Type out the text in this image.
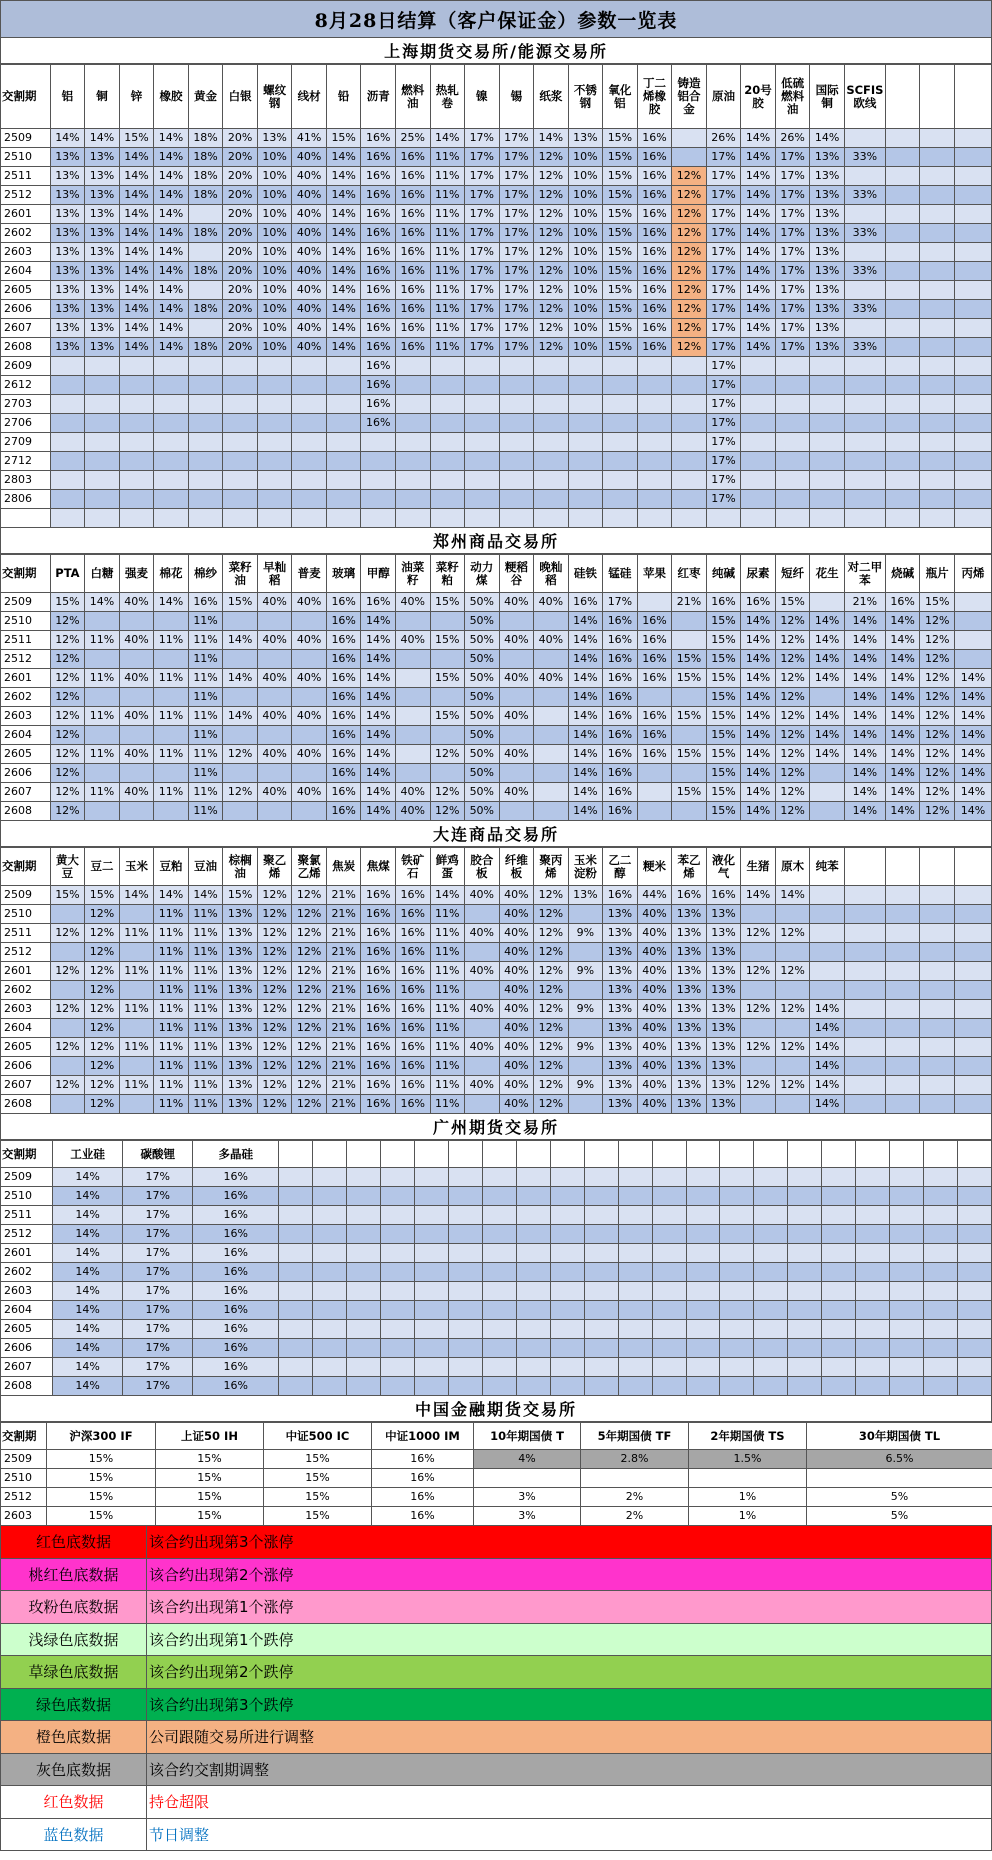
8月28日结算（客户保证金）参数一览表
上海期货交易所/能源交易所
交割期	铝	铜	锌	橡胶	黄金	白银	螺纹钢	线材	铅	沥青	燃料油	热轧卷	镍	锡	纸浆	不锈钢	氧化铝	丁二烯橡胶	铸造铝合金	原油	20号胶	低硫燃料油	国际铜	SCFIS欧线			
2509	14%	14%	15%	14%	18%	20%	13%	41%	15%	16%	25%	14%	17%	17%	14%	13%	15%	16%		26%	14%	26%	14%				
2510	13%	13%	14%	14%	18%	20%	10%	40%	14%	16%	16%	11%	17%	17%	12%	10%	15%	16%		17%	14%	17%	13%	33%			
2511	13%	13%	14%	14%	18%	20%	10%	40%	14%	16%	16%	11%	17%	17%	12%	10%	15%	16%	12%	17%	14%	17%	13%				
2512	13%	13%	14%	14%	18%	20%	10%	40%	14%	16%	16%	11%	17%	17%	12%	10%	15%	16%	12%	17%	14%	17%	13%	33%			
2601	13%	13%	14%	14%		20%	10%	40%	14%	16%	16%	11%	17%	17%	12%	10%	15%	16%	12%	17%	14%	17%	13%				
2602	13%	13%	14%	14%	18%	20%	10%	40%	14%	16%	16%	11%	17%	17%	12%	10%	15%	16%	12%	17%	14%	17%	13%	33%			
2603	13%	13%	14%	14%		20%	10%	40%	14%	16%	16%	11%	17%	17%	12%	10%	15%	16%	12%	17%	14%	17%	13%				
2604	13%	13%	14%	14%	18%	20%	10%	40%	14%	16%	16%	11%	17%	17%	12%	10%	15%	16%	12%	17%	14%	17%	13%	33%			
2605	13%	13%	14%	14%		20%	10%	40%	14%	16%	16%	11%	17%	17%	12%	10%	15%	16%	12%	17%	14%	17%	13%				
2606	13%	13%	14%	14%	18%	20%	10%	40%	14%	16%	16%	11%	17%	17%	12%	10%	15%	16%	12%	17%	14%	17%	13%	33%			
2607	13%	13%	14%	14%		20%	10%	40%	14%	16%	16%	11%	17%	17%	12%	10%	15%	16%	12%	17%	14%	17%	13%				
2608	13%	13%	14%	14%	18%	20%	10%	40%	14%	16%	16%	11%	17%	17%	12%	10%	15%	16%	12%	17%	14%	17%	13%	33%			
2609										16%										17%							
2612										16%										17%							
2703										16%										17%							
2706										16%										17%							
2709																				17%							
2712																				17%							
2803																				17%							
2806																				17%							

郑州商品交易所
交割期	PTA	白糖	强麦	棉花	棉纱	菜籽油	早籼稻	普麦	玻璃	甲醇	油菜籽	菜籽粕	动力煤	粳稻谷	晚籼稻	硅铁	锰硅	苹果	红枣	纯碱	尿素	短纤	花生	对二甲苯	烧碱	瓶片	丙烯
2509	15%	14%	40%	14%	16%	15%	40%	40%	16%	16%	40%	15%	50%	40%	40%	16%	17%		21%	16%	16%	15%		21%	16%	15%	
2510	12%				11%				16%	14%			50%			14%	16%	16%		15%	14%	12%	14%	14%	14%	12%	
2511	12%	11%	40%	11%	11%	14%	40%	40%	16%	14%	40%	15%	50%	40%	40%	14%	16%	16%		15%	14%	12%	14%	14%	14%	12%	
2512	12%				11%				16%	14%			50%			14%	16%	16%	15%	15%	14%	12%	14%	14%	14%	12%	
2601	12%	11%	40%	11%	11%	14%	40%	40%	16%	14%		15%	50%	40%	40%	14%	16%	16%	15%	15%	14%	12%	14%	14%	14%	12%	14%
2602	12%				11%				16%	14%			50%			14%	16%			15%	14%	12%		14%	14%	12%	14%
2603	12%	11%	40%	11%	11%	14%	40%	40%	16%	14%		15%	50%	40%		14%	16%	16%	15%	15%	14%	12%	14%	14%	14%	12%	14%
2604	12%				11%				16%	14%			50%			14%	16%	16%		15%	14%	12%	14%	14%	14%	12%	14%
2605	12%	11%	40%	11%	11%	12%	40%	40%	16%	14%		12%	50%	40%		14%	16%	16%	15%	15%	14%	12%	14%	14%	14%	12%	14%
2606	12%				11%				16%	14%			50%			14%	16%			15%	14%	12%		14%	14%	12%	14%
2607	12%	11%	40%	11%	11%	12%	40%	40%	16%	14%	40%	12%	50%	40%		14%	16%		15%	15%	14%	12%		14%	14%	12%	14%
2608	12%				11%				16%	14%	40%	12%	50%			14%	16%			15%	14%	12%		14%	14%	12%	14%
大连商品交易所
交割期	黄大豆	豆二	玉米	豆粕	豆油	棕榈油	聚乙烯	聚氯乙烯	焦炭	焦煤	铁矿石	鲜鸡蛋	胶合板	纤维板	聚丙烯	玉米淀粉	乙二醇	粳米	苯乙烯	液化气	生猪	原木	纯苯				
2509	15%	15%	14%	14%	14%	15%	12%	12%	21%	16%	16%	14%	40%	40%	12%	13%	16%	44%	16%	16%	14%	14%					
2510		12%		11%	11%	13%	12%	12%	21%	16%	16%	11%		40%	12%		13%	40%	13%	13%							
2511	12%	12%	11%	11%	11%	13%	12%	12%	21%	16%	16%	11%	40%	40%	12%	9%	13%	40%	13%	13%	12%	12%					
2512		12%		11%	11%	13%	12%	12%	21%	16%	16%	11%		40%	12%		13%	40%	13%	13%							
2601	12%	12%	11%	11%	11%	13%	12%	12%	21%	16%	16%	11%	40%	40%	12%	9%	13%	40%	13%	13%	12%	12%					
2602		12%		11%	11%	13%	12%	12%	21%	16%	16%	11%		40%	12%		13%	40%	13%	13%							
2603	12%	12%	11%	11%	11%	13%	12%	12%	21%	16%	16%	11%	40%	40%	12%	9%	13%	40%	13%	13%	12%	12%	14%				
2604		12%		11%	11%	13%	12%	12%	21%	16%	16%	11%		40%	12%		13%	40%	13%	13%			14%				
2605	12%	12%	11%	11%	11%	13%	12%	12%	21%	16%	16%	11%	40%	40%	12%	9%	13%	40%	13%	13%	12%	12%	14%				
2606		12%		11%	11%	13%	12%	12%	21%	16%	16%	11%		40%	12%		13%	40%	13%	13%			14%				
2607	12%	12%	11%	11%	11%	13%	12%	12%	21%	16%	16%	11%	40%	40%	12%	9%	13%	40%	13%	13%	12%	12%	14%				
2608		12%		11%	11%	13%	12%	12%	21%	16%	16%	11%		40%	12%		13%	40%	13%	13%			14%				
广州期货交易所
交割期	工业硅	碳酸锂	多晶硅																					
2509	14%	17%	16%																					
2510	14%	17%	16%																					
2511	14%	17%	16%																					
2512	14%	17%	16%																					
2601	14%	17%	16%																					
2602	14%	17%	16%																					
2603	14%	17%	16%																					
2604	14%	17%	16%																					
2605	14%	17%	16%																					
2606	14%	17%	16%																					
2607	14%	17%	16%																					
2608	14%	17%	16%																					
中国金融期货交易所
交割期	沪深300 IF	上证50 IH	中证500 IC	中证1000 IM	10年期国债 T	5年期国债 TF	2年期国债 TS	30年期国债 TL
2509	15%	15%	15%	16%	4%	2.8%	1.5%	6.5%
2510	15%	15%	15%	16%				
2512	15%	15%	15%	16%	3%	2%	1%	5%
2603	15%	15%	15%	16%	3%	2%	1%	5%
红色底数据	该合约出现第3个涨停
桃红色底数据	该合约出现第2个涨停
玫粉色底数据	该合约出现第1个涨停
浅绿色底数据	该合约出现第1个跌停
草绿色底数据	该合约出现第2个跌停
绿色底数据	该合约出现第3个跌停
橙色底数据	公司跟随交易所进行调整
灰色底数据	该合约交割期调整
红色数据	持仓超限
蓝色数据	节日调整
